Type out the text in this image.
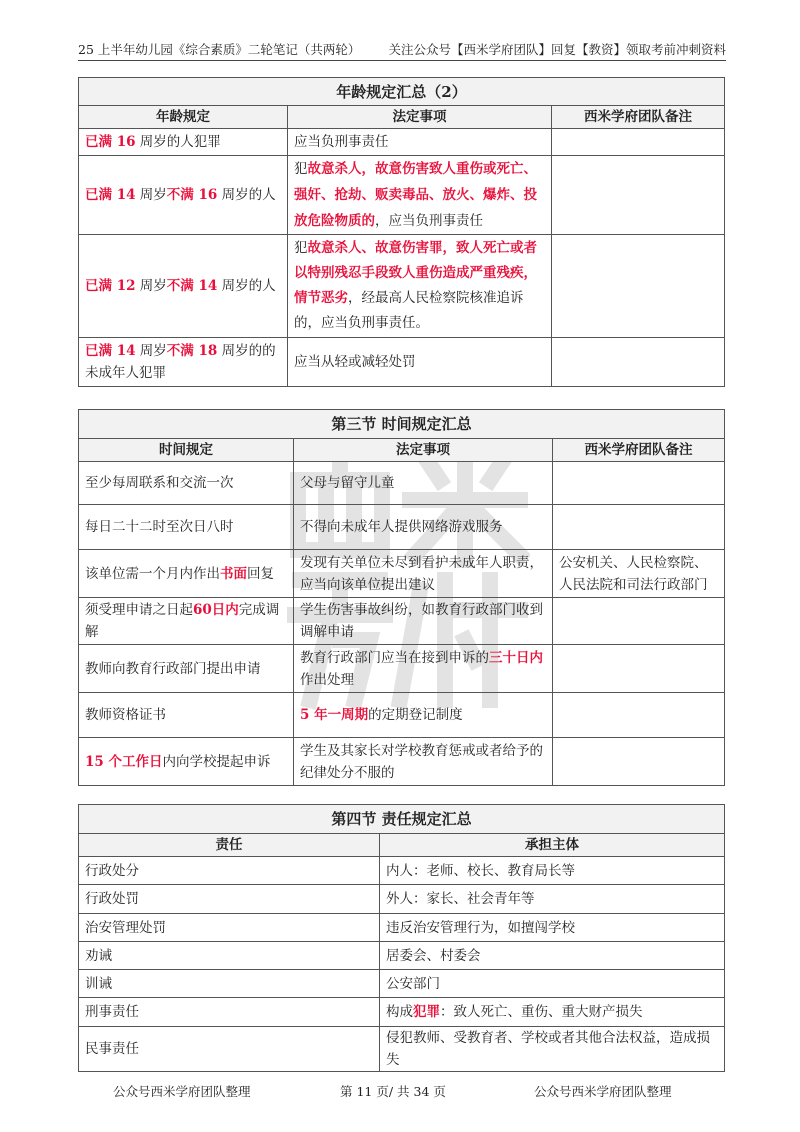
25 上半年幼儿园《综合素质》二轮笔记（共两轮） 关注公众号【西米学府团队】回复【教资】领取考前冲刺资料
年龄规定汇总（2）		
年龄规定	法定事项	西米学府团队备注
已满 16 周岁的人犯罪	应当负刑事责任	
已满 14 周岁不满 16 周岁的人	犯故意杀人，故意伤害致人重伤或死亡、强奸、抢劫、贩卖毒品、放火、爆炸、投放危险物质的，应当负刑事责任	
已满 12 周岁不满 14 周岁的人	犯故意杀人、故意伤害罪，致人死亡或者以特别残忍手段致人重伤造成严重残疾，情节恶劣，经最高人民检察院核准追诉的，应当负刑事责任。	
已满 14 周岁不满 18 周岁的的未成年人犯罪	应当从轻或减轻处罚	
第三节 时间规定汇总		
时间规定	法定事项	西米学府团队备注
至少每周联系和交流一次	父母与留守儿童	
每日二十二时至次日八时	不得向未成年人提供网络游戏服务	
该单位需一个月内作出书面回复	发现有关单位未尽到看护未成年人职责，应当向该单位提出建议	公安机关、人民检察院、人民法院和司法行政部门
须受理申请之日起60日内完成调解	学生伤害事故纠纷，如教育行政部门收到调解申请	
教师向教育行政部门提出申请	教育行政部门应当在接到申诉的三十日内作出处理	
教师资格证书	5 年一周期的定期登记制度	
15 个工作日内向学校提起申诉	学生及其家长对学校教育惩戒或者给予的纪律处分不服的	
第四节 责任规定汇总	
责任	承担主体
行政处分	内人：老师、校长、教育局长等
行政处罚	外人：家长、社会青年等
治安管理处罚	违反治安管理行为，如擅闯学校
劝诫	居委会、村委会
训诫	公安部门
刑事责任	构成犯罪：致人死亡、重伤、重大财产损失
民事责任	侵犯教师、受教育者、学校或者其他合法权益，造成损失
公众号西米学府团队整理	第 11 页/ 共 34 页	公众号西米学府团队整理
